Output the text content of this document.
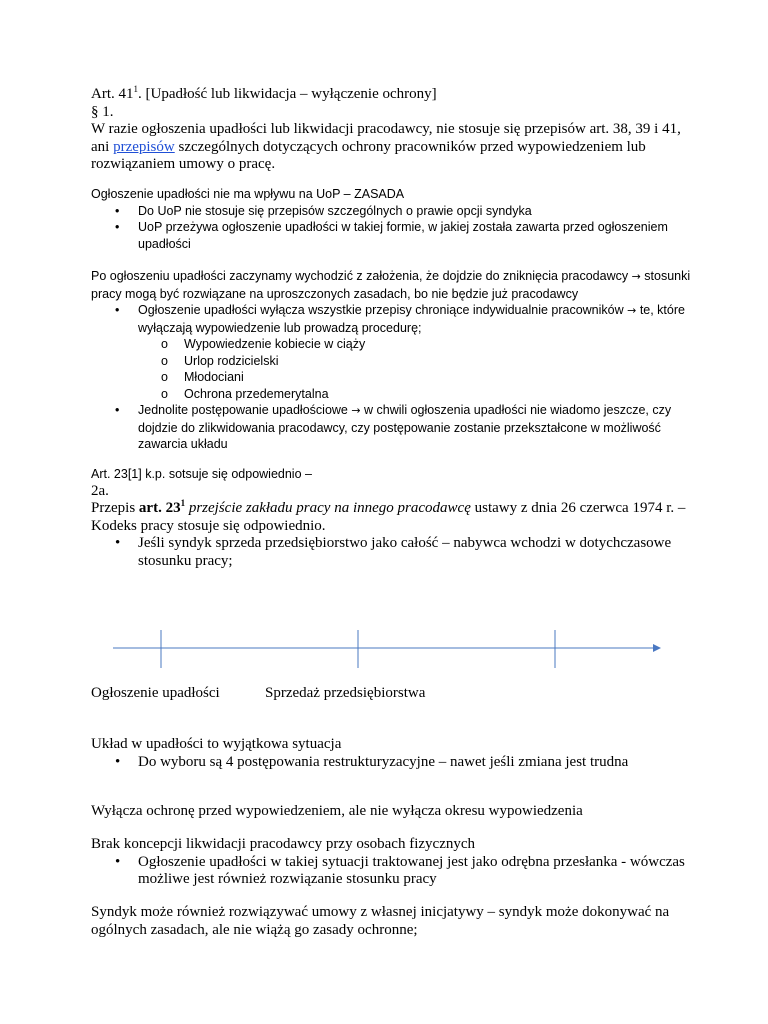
Art. $41^1$. [Upadłość lub likwidacja – wyłączenie ochrony]

§ 1.

W razie ogłoszenia upadłości lub likwidacji pracodawcy, nie stosuje się przepisów art. 38, 39 i 41, ani przepisów szczególnych dotyczących ochrony pracowników przed wypowiedzeniem lub rozwiązaniem umowy o pracę.

Ogłoszenie upadłości nie ma wpływu na UoP – ZASADA

• Do UoP nie stosuje się przepisów szczególnych o prawie opcji syndyka
• UoP przeżywa ogłoszenie upadłości w takiej formie, w jakiej została zawarta przed ogłoszeniem upadłości

Po ogłoszeniu upadłości zaczynamy wychodzić z założenia, że dojdzie do zniknięcia pracodawcy → stosunki pracy mogą być rozwiązane na uproszczonych zasadach, bo nie będzie już pracodawcy

• Ogłoszenie upadłości wyłącza wszystkie przepisy chroniące indywidualnie pracowników → te, które wyłączają wypowiedzenie lub prowadzą procedurę;
o Wypowiedzenie kobiecie w ciąży
o Urlop rodzicielski
o Młodociani
o Ochrona przedemerytalna
• Jednolite postępowanie upadłościowe → w chwili ogłoszenia upadłości nie wiadomo jeszcze, czy dojdzie do zlikwidowania pracodawcy, czy postępowanie zostanie przekształcone w możliwość zawarcia układu

Art. 23[1] k.p. sotsuje się odpowiednio –

2a.

Przepis art. $23^1$ przejście zakładu pracy na innego pracodawcę ustawy z dnia 26 czerwca 1974 r. – Kodeks pracy stosuje się odpowiednio.

• Jeśli syndyk sprzeda przedsiębiorstwo jako całość – nabywca wchodzi w dotychczasowe stosunku pracy;
Ogłoszenie upadłości	Sprzedaż przedsiębiorstwa

Układ w upadłości to wyjątkowa sytuacja

• Do wyboru są 4 postępowania restrukturyzacyjne – nawet jeśli zmiana jest trudna

Wyłącza ochronę przed wypowiedzeniem, ale nie wyłącza okresu wypowiedzenia

Brak koncepcji likwidacji pracodawcy przy osobach fizycznych

• Ogłoszenie upadłości w takiej sytuacji traktowanej jest jako odrębna przesłanka - wówczas możliwe jest również rozwiązanie stosunku pracy

Syndyk może również rozwiązywać umowy z własnej inicjatywy – syndyk może dokonywać na ogólnych zasadach, ale nie wiążą go zasady ochronne;
